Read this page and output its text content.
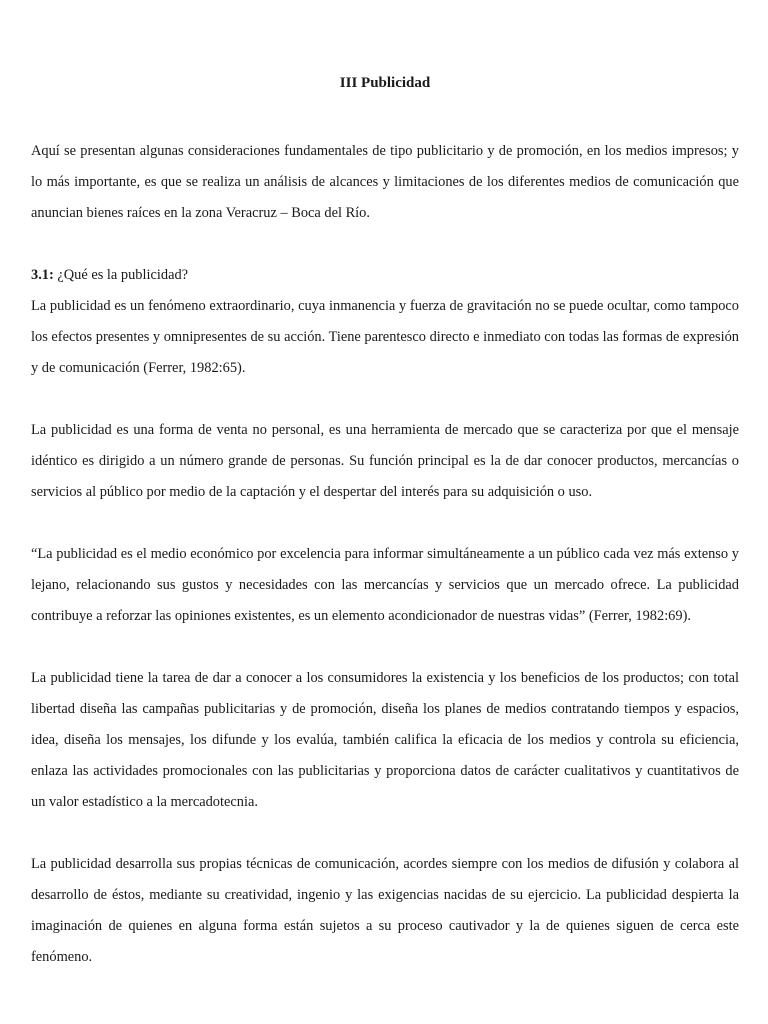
III Publicidad

Aquí se presentan algunas consideraciones fundamentales de tipo publicitario y de promoción, en los medios impresos; y lo más importante, es que se realiza un análisis de alcances y limitaciones de los diferentes medios de comunicación que anuncian bienes raíces en la zona Veracruz – Boca del Río.

3.1: ¿Qué es la publicidad?

La publicidad es un fenómeno extraordinario, cuya inmanencia y fuerza de gravitación no se puede ocultar, como tampoco los efectos presentes y omnipresentes de su acción. Tiene parentesco directo e inmediato con todas las formas de expresión y de comunicación (Ferrer, 1982:65).

La publicidad es una forma de venta no personal, es una herramienta de mercado que se caracteriza por que el mensaje idéntico es dirigido a un número grande de personas. Su función principal es la de dar conocer productos, mercancías o servicios al público por medio de la captación y el despertar del interés para su adquisición o uso.

“La publicidad es el medio económico por excelencia para informar simultáneamente a un público cada vez más extenso y lejano, relacionando sus gustos y necesidades con las mercancías y servicios que un mercado ofrece. La publicidad contribuye a reforzar las opiniones existentes, es un elemento acondicionador de nuestras vidas” (Ferrer, 1982:69).

La publicidad tiene la tarea de dar a conocer a los consumidores la existencia y los beneficios de los productos; con total libertad diseña las campañas publicitarias y de promoción, diseña los planes de medios contratando tiempos y espacios, idea, diseña los mensajes, los difunde y los evalúa, también califica la eficacia de los medios y controla su eficiencia, enlaza las actividades promocionales con las publicitarias y proporciona datos de carácter cualitativos y cuantitativos de un valor estadístico a la mercadotecnia.

La publicidad desarrolla sus propias técnicas de comunicación, acordes siempre con los medios de difusión y colabora al desarrollo de éstos, mediante su creatividad, ingenio y las exigencias nacidas de su ejercicio. La publicidad despierta la imaginación de quienes en alguna forma están sujetos a su proceso cautivador y la de quienes siguen de cerca este fenómeno.
